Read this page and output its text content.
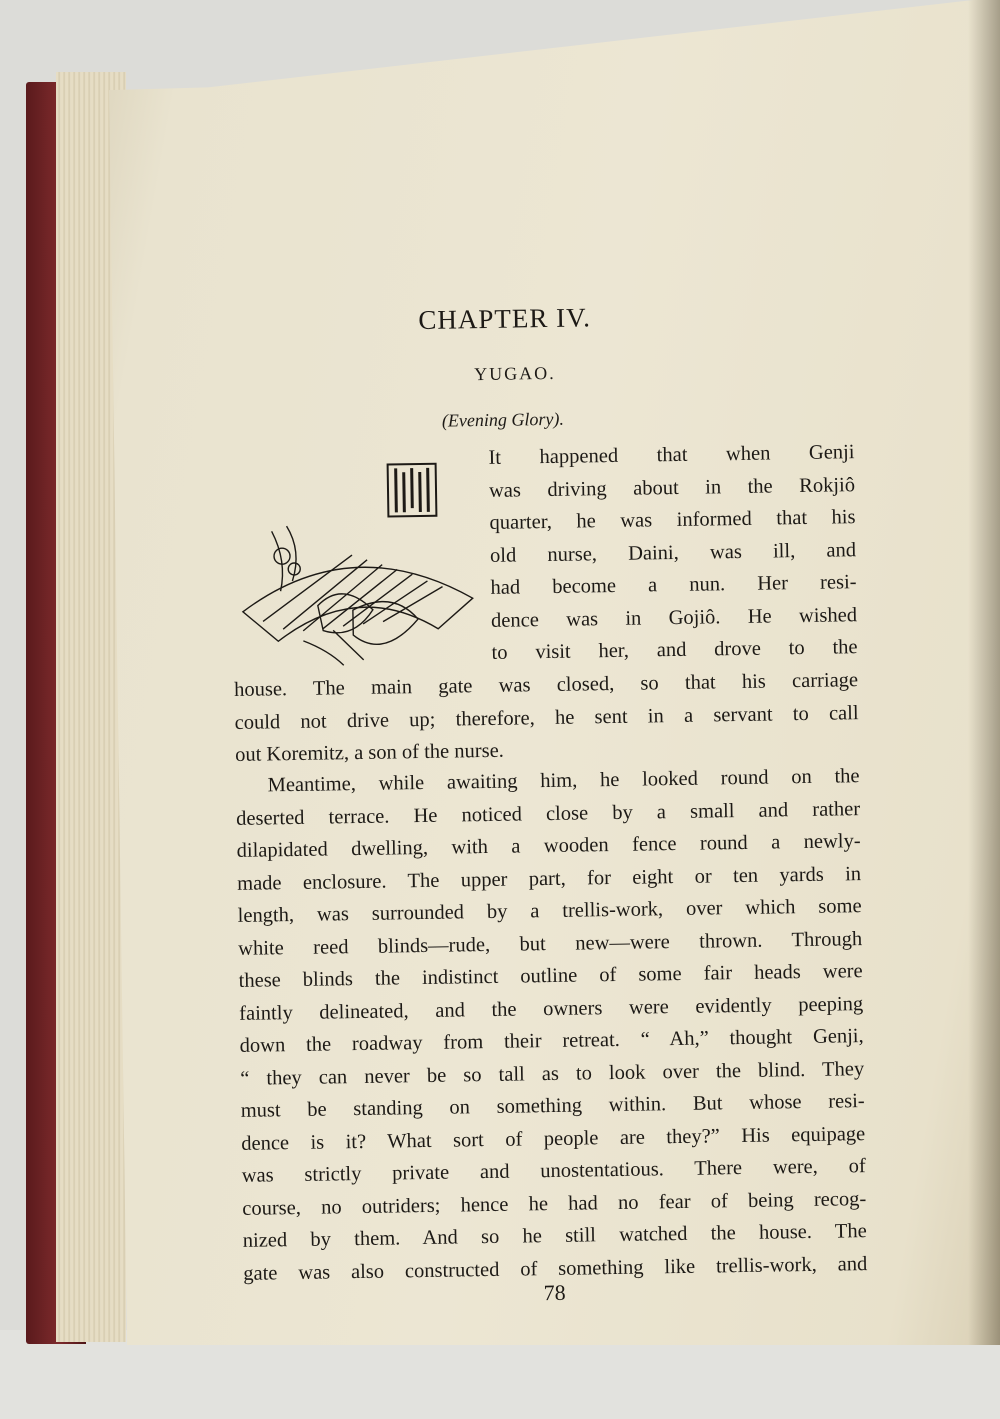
CHAPTER IV.
YUGAO.
(Evening Glory).
It happened that when Genji
was driving about in the Rokjiô
quarter, he was informed that his
old nurse, Daini, was ill, and
had become a nun. Her resi-
dence was in Gojiô. He wished
to visit her, and drove to the
house. The main gate was closed, so that his carriage
could not drive up; therefore, he sent in a servant to call
out Koremitz, a son of the nurse.
Meantime, while awaiting him, he looked round on the
deserted terrace. He noticed close by a small and rather
dilapidated dwelling, with a wooden fence round a newly-
made enclosure. The upper part, for eight or ten yards in
length, was surrounded by a trellis-work, over which some
white reed blinds—rude, but new—were thrown. Through
these blinds the indistinct outline of some fair heads were
faintly delineated, and the owners were evidently peeping
down the roadway from their retreat. “ Ah,” thought Genji,
“ they can never be so tall as to look over the blind. They
must be standing on something within. But whose resi-
dence is it? What sort of people are they?” His equipage
was strictly private and unostentatious. There were, of
course, no outriders; hence he had no fear of being recog-
nized by them. And so he still watched the house. The
gate was also constructed of something like trellis-work, and
78
